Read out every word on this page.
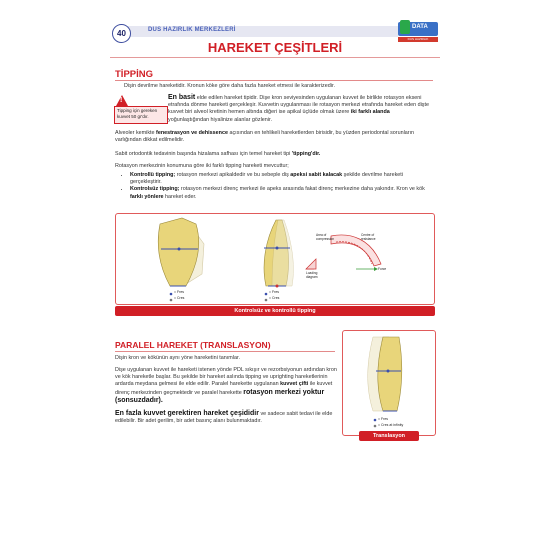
40	DUS HAZIRLIK MERKEZLERİ	DATA
DUS HAZIRLIK MERKEZLERİ
HAREKET ÇEŞİTLERİ
TİPPİNG
Dişin devrilme hareketidir. Kronun köke göre daha fazla hareket etmesi ile karakterizedir.
!
Tipping için gereken kuvvet 50 gr'dır.
En basit elde edilen hareket tipidir. Dişe kron seviyesinden uygulanan kuvvet ile birlikte rotasyon ekseni etrafında dönme hareketi gerçekleşir. Kuvvetin uygulanması ile rotasyon merkezi etrafında hareket eden dişte kuvvet biri alveol kretinin hemen altında diğeri ise apikal üçlüde olmak üzere iki farklı alanda yoğunlaştığından hiyalinize alanlar gözlenir.
Alveoler kemikte fenestrasyon ve dehissence açısından en tehlikeli hareketlerden birisidir, bu yüzden periodontal sorunların varlığından dikkat edilmelidir.
Sabit ortodontik tedavinin başında hizalama safhası için temel hareket tipi 'tipping'dir.
Rotasyon merkezinin konumuna göre iki farklı tipping hareketi mevcuttur;
• Kontrollü tipping; rotasyon merkezi apikaldedir ve bu sebeple diş apeksi sabit kalacak şekilde devrilme hareketi gerçekleştirir.
• Kontrolsüz tipping; rotasyon merkezi direnç merkezi ile apeks arasında fakat direnç merkezine daha yakındır. Kron ve kök farklı yönlere hareket eder.
= Fres
= Cres
= Fres
= Cres
Area of compression
Centre of resistance
Loading diagram
Force
Kontrolsüz ve kontrollü tipping
PARALEL HAREKET (TRANSLASYON)
Dişin kron ve kökünün aynı yöne hareketini tanımlar.
Dişe uygulanan kuvvet ile hareketi istenen yönde PDL sıkışır ve rezorbsiyonun ardından kron ve kök hareketle başlar. Bu şekilde bir hareket aslında tipping ve uprighting hareketlerinin ardarda meydana gelmesi ile elde edilir. Paralel harekette uygulanan kuvvet çifti ile kuvvet direnç merkezinden geçmektedir ve paralel harekette rotasyon merkezi yoktur (sonsuzdadır).
En fazla kuvvet gerektiren hareket çeşididir ve sadece sabit tedavi ile elde edilebilir. Bir adet gerilim, bir adet basınç alanı bulunmaktadır.	= Fres
= Cres at infinity
Translasyon
